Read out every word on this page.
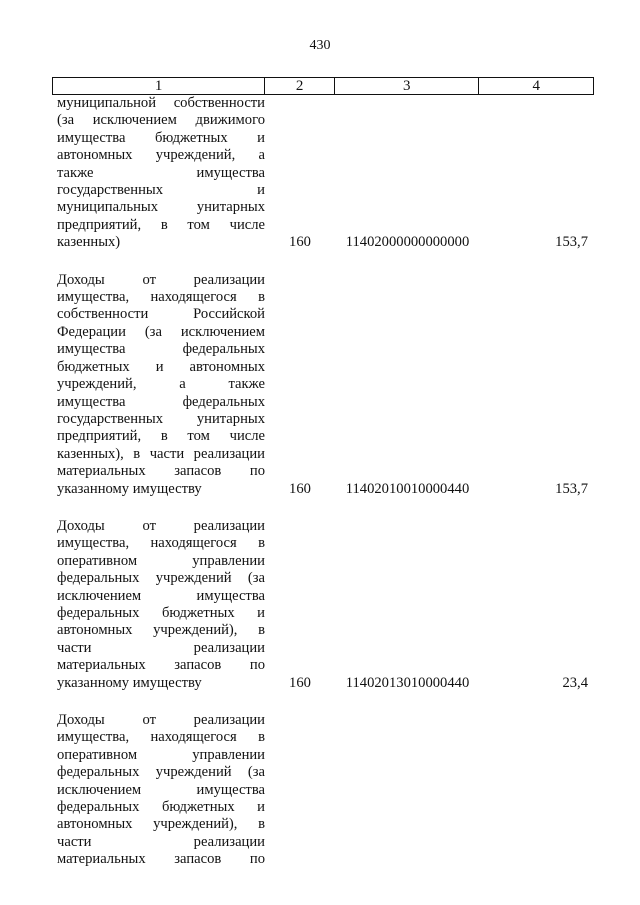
430
1	2	3	4
муниципальной собственности
(за исключением движимого
имущества бюджетных и
автономных учреждений, а
также имущества
государственных и
муниципальных унитарных
предприятий, в том числе
казенных)	160	11402000000000000	153,7
Доходы от реализации
имущества, находящегося в
собственности Российской
Федерации (за исключением
имущества федеральных
бюджетных и автономных
учреждений, а также
имущества федеральных
государственных унитарных
предприятий, в том числе
казенных), в части реализации
материальных запасов по
указанному имуществу	160	11402010010000440	153,7
Доходы от реализации
имущества, находящегося в
оперативном управлении
федеральных учреждений (за
исключением имущества
федеральных бюджетных и
автономных учреждений), в
части реализации
материальных запасов по
указанному имуществу	160	11402013010000440	23,4
Доходы от реализации
имущества, находящегося в
оперативном управлении
федеральных учреждений (за
исключением имущества
федеральных бюджетных и
автономных учреждений), в
части реализации
материальных запасов по
